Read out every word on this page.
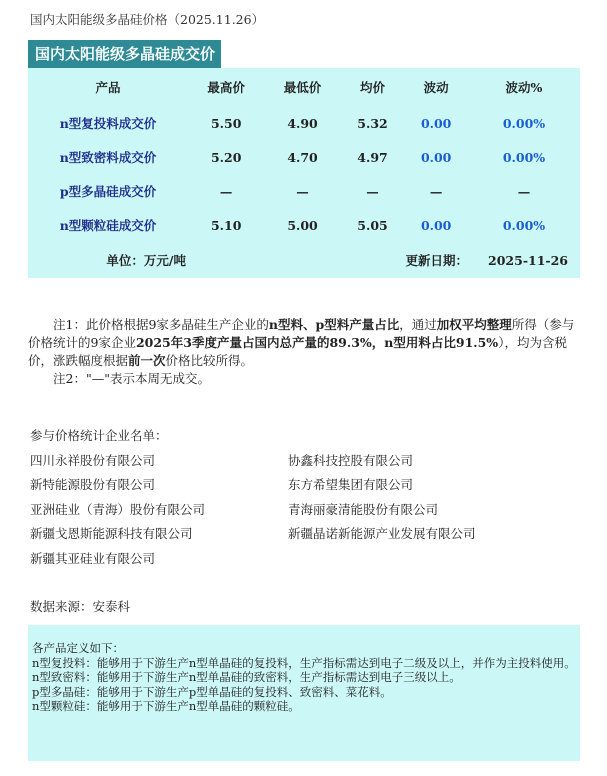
国内太阳能级多晶硅价格（2025.11.26）
国内太阳能级多晶硅成交价
产品	最高价	最低价	均价	波动	波动%
n型复投料成交价	5.50	4.90	5.32	0.00	0.00%
n型致密料成交价	5.20	4.70	4.97	0.00	0.00%
p型多晶硅成交价	—	—	—	—	—
n型颗粒硅成交价	5.10	5.00	5.05	0.00	0.00%
单位：万元/吨			更新日期：		2025-11-26

注1：此价格根据9家多晶硅生产企业的n型料、p型料产量占比，通过加权平均整理所得（参与价格统计的9家企业2025年3季度产量占国内总产量的89.3%，n型用料占比91.5%），均为含税价，涨跌幅度根据前一次价格比较所得。

注2："—"表示本周无成交。

参与价格统计企业名单：
四川永祥股份有限公司	协鑫科技控股有限公司
新特能源股份有限公司	东方希望集团有限公司
亚洲硅业（青海）股份有限公司	青海丽豪清能股份有限公司
新疆戈恩斯能源科技有限公司	新疆晶诺新能源产业发展有限公司
新疆其亚硅业有限公司
数据来源：安泰科
各产品定义如下：
n型复投料：能够用于下游生产n型单晶硅的复投料，生产指标需达到电子二级及以上，并作为主投料使用。
n型致密料：能够用于下游生产n型单晶硅的致密料，生产指标需达到电子三级以上。
p型多晶硅：能够用于下游生产p型单晶硅的复投料、致密料、菜花料。
n型颗粒硅：能够用于下游生产n型单晶硅的颗粒硅。
